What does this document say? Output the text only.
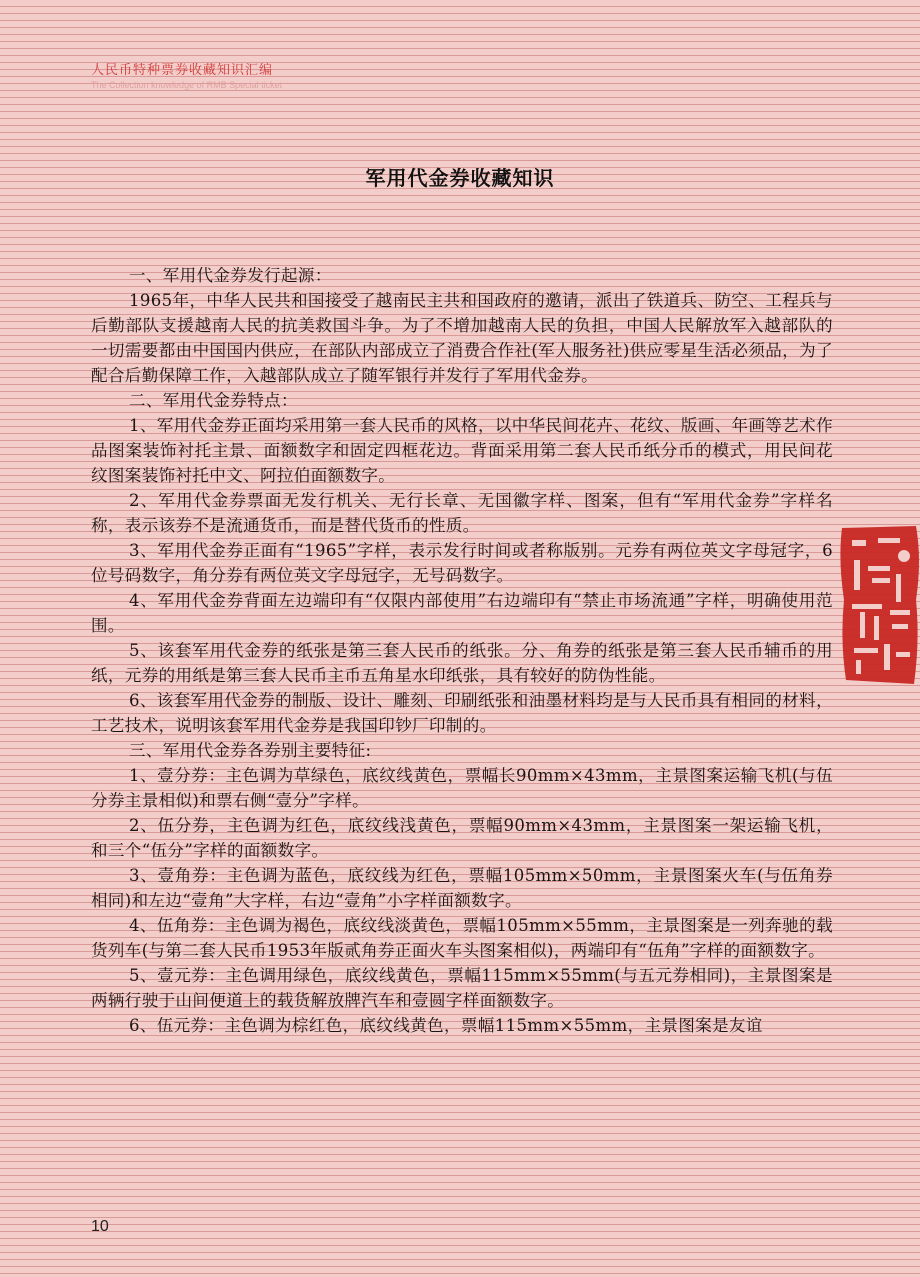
人民币特种票券收藏知识汇编
The Collection knowledge of RMB Special ticket
军用代金券收藏知识

一、军用代金券发行起源：

1965年，中华人民共和国接受了越南民主共和国政府的邀请，派出了铁道兵、防空、工程兵与后勤部队支援越南人民的抗美救国斗争。为了不增加越南人民的负担，中国人民解放军入越部队的一切需要都由中国国内供应，在部队内部成立了消费合作社(军人服务社)供应零星生活必须品，为了配合后勤保障工作，入越部队成立了随军银行并发行了军用代金券。

二、军用代金券特点：

1、军用代金券正面均采用第一套人民币的风格，以中华民间花卉、花纹、版画、年画等艺术作品图案装饰衬托主景、面额数字和固定四框花边。背面采用第二套人民币纸分币的模式，用民间花纹图案装饰衬托中文、阿拉伯面额数字。

2、军用代金券票面无发行机关、无行长章、无国徽字样、图案，但有“军用代金券”字样名称，表示该券不是流通货币，而是替代货币的性质。

3、军用代金券正面有“1965”字样，表示发行时间或者称版别。元券有两位英文字母冠字，6位号码数字，角分券有两位英文字母冠字，无号码数字。

4、军用代金券背面左边端印有“仅限内部使用”右边端印有“禁止市场流通”字样，明确使用范围。

5、该套军用代金券的纸张是第三套人民币的纸张。分、角券的纸张是第三套人民币辅币的用纸，元券的用纸是第三套人民币主币五角星水印纸张，具有较好的防伪性能。

6、该套军用代金券的制版、设计、雕刻、印刷纸张和油墨材料均是与人民币具有相同的材料，工艺技术，说明该套军用代金券是我国印钞厂印制的。

三、军用代金券各券别主要特征:

1、壹分券：主色调为草绿色，底纹线黄色，票幅长90mm×43mm，主景图案运输飞机(与伍分券主景相似)和票右侧“壹分”字样。

2、伍分券，主色调为红色，底纹线浅黄色，票幅90mm×43mm，主景图案一架运输飞机，和三个“伍分”字样的面额数字。

3、壹角券：主色调为蓝色，底纹线为红色，票幅105mm×50mm，主景图案火车(与伍角券相同)和左边“壹角”大字样，右边“壹角”小字样面额数字。

4、伍角券：主色调为褐色，底纹线淡黄色，票幅105mm×55mm，主景图案是一列奔驰的载货列车(与第二套人民币1953年版贰角券正面火车头图案相似)，两端印有“伍角”字样的面额数字。

5、壹元券：主色调用绿色，底纹线黄色，票幅115mm×55mm(与五元券相同)，主景图案是两辆行驶于山间便道上的载货解放牌汽车和壹圆字样面额数字。

6、伍元券：主色调为棕红色，底纹线黄色，票幅115mm×55mm，主景图案是友谊

10
